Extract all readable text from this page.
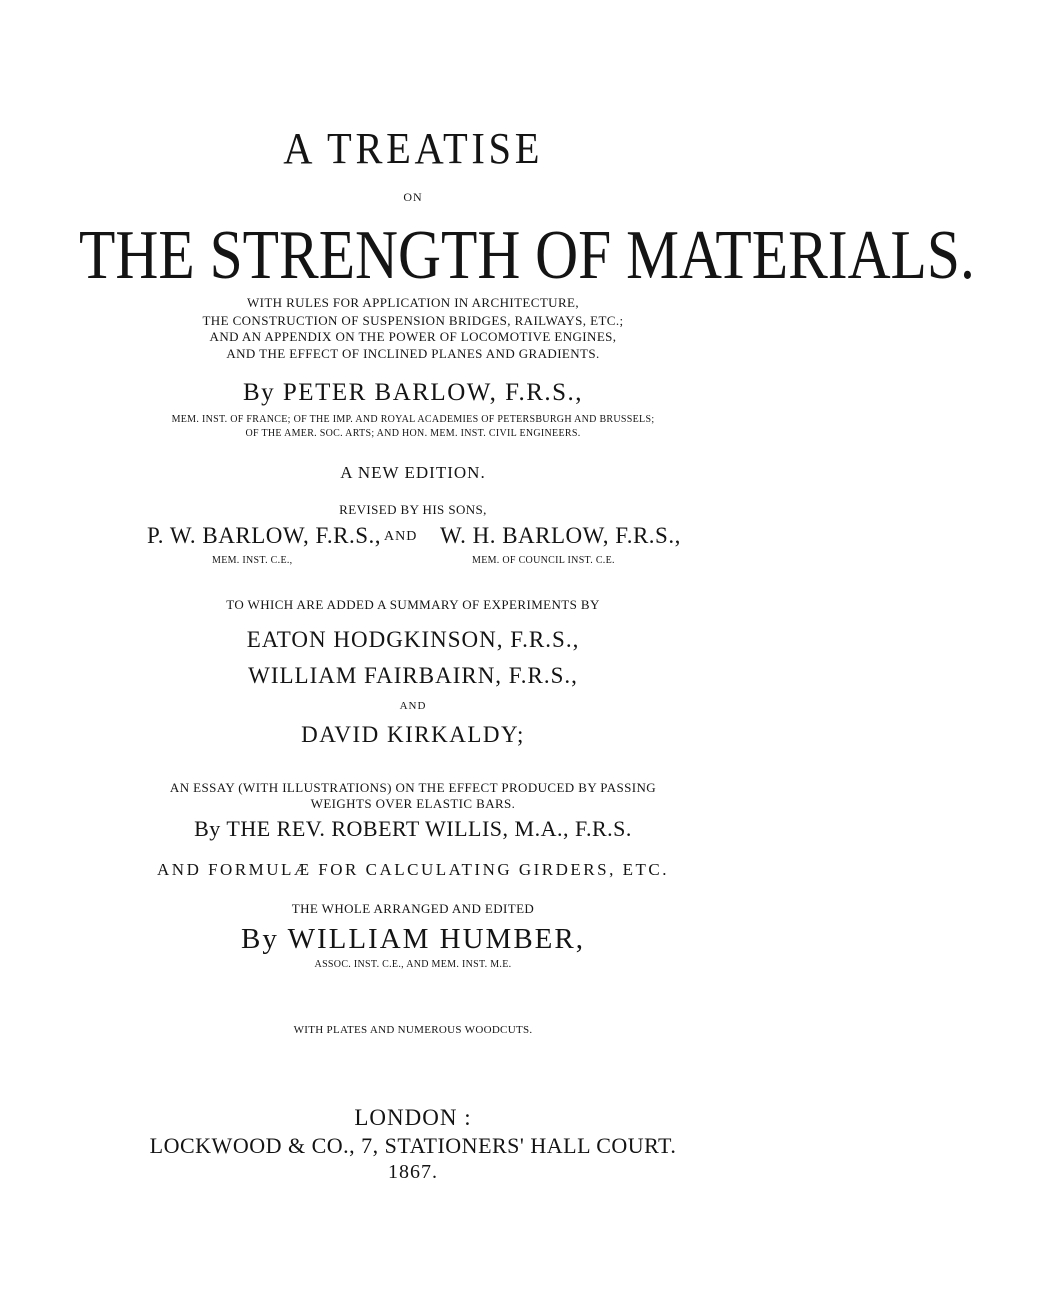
A TREATISE
ON
THE STRENGTH OF MATERIALS.
WITH RULES FOR APPLICATION IN ARCHITECTURE,
THE CONSTRUCTION OF SUSPENSION BRIDGES, RAILWAYS, ETC.;
AND AN APPENDIX ON THE POWER OF LOCOMOTIVE ENGINES,
AND THE EFFECT OF INCLINED PLANES AND GRADIENTS.
By PETER BARLOW, F.R.S.,
MEM. INST. OF FRANCE; OF THE IMP. AND ROYAL ACADEMIES OF PETERSBURGH AND BRUSSELS;
OF THE AMER. SOC. ARTS; AND HON. MEM. INST. CIVIL ENGINEERS.
A NEW EDITION.
REVISED BY HIS SONS,
P. W. BARLOW, F.R.S., AND W. H. BARLOW, F.R.S.,
MEM. INST. C.E.,	MEM. OF COUNCIL INST. C.E.
TO WHICH ARE ADDED A SUMMARY OF EXPERIMENTS BY
EATON HODGKINSON, F.R.S.,
WILLIAM FAIRBAIRN, F.R.S.,
AND
DAVID KIRKALDY;
AN ESSAY (WITH ILLUSTRATIONS) ON THE EFFECT PRODUCED BY PASSING
WEIGHTS OVER ELASTIC BARS.
By THE REV. ROBERT WILLIS, M.A., F.R.S.
AND FORMULÆ FOR CALCULATING GIRDERS, ETC.
THE WHOLE ARRANGED AND EDITED
By WILLIAM HUMBER,
ASSOC. INST. C.E., AND MEM. INST. M.E.
WITH PLATES AND NUMEROUS WOODCUTS.
LONDON :
LOCKWOOD & CO., 7, STATIONERS' HALL COURT.
1867.
